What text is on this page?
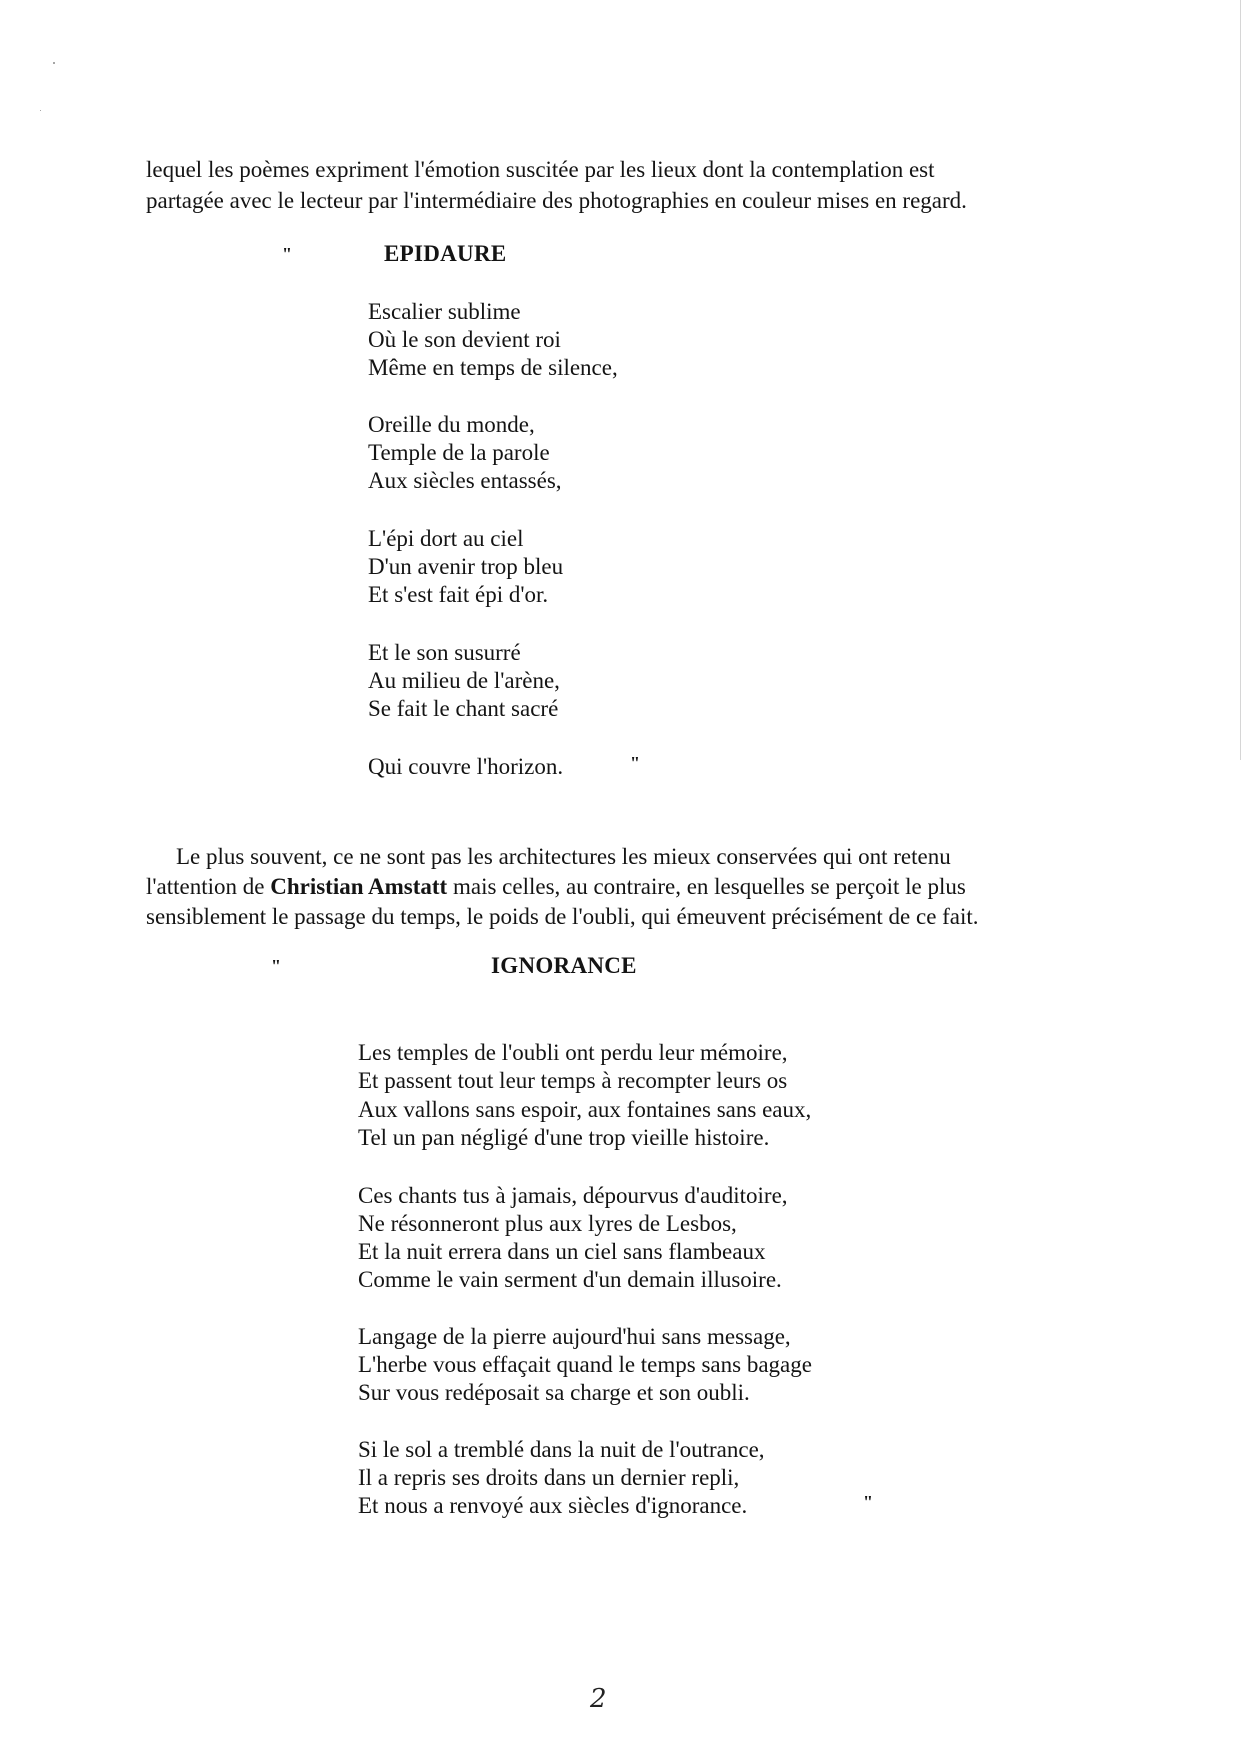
lequel les poèmes expriment l'émotion suscitée par les lieux dont la contemplation est
partagée avec le lecteur par l'intermédiaire des photographies en couleur mises en regard.
"	EPIDAURE
Escalier sublime
Où le son devient roi
Même en temps de silence,
Oreille du monde,
Temple de la parole
Aux siècles entassés,
L'épi dort au ciel
D'un avenir trop bleu
Et s'est fait épi d'or.
Et le son susurré
Au milieu de l'arène,
Se fait le chant sacré
Qui couvre l'horizon.	"
Le plus souvent, ce ne sont pas les architectures les mieux conservées qui ont retenu
l'attention de Christian Amstatt mais celles, au contraire, en lesquelles se perçoit le plus
sensiblement le passage du temps, le poids de l'oubli, qui émeuvent précisément de ce fait.
"	IGNORANCE
Les temples de l'oubli ont perdu leur mémoire,
Et passent tout leur temps à recompter leurs os
Aux vallons sans espoir, aux fontaines sans eaux,
Tel un pan négligé d'une trop vieille histoire.
Ces chants tus à jamais, dépourvus d'auditoire,
Ne résonneront plus aux lyres de Lesbos,
Et la nuit errera dans un ciel sans flambeaux
Comme le vain serment d'un demain illusoire.
Langage de la pierre aujourd'hui sans message,
L'herbe vous effaçait quand le temps sans bagage
Sur vous redéposait sa charge et son oubli.
Si le sol a tremblé dans la nuit de l'outrance,
Il a repris ses droits dans un dernier repli,
Et nous a renvoyé aux siècles d'ignorance.	"
2
